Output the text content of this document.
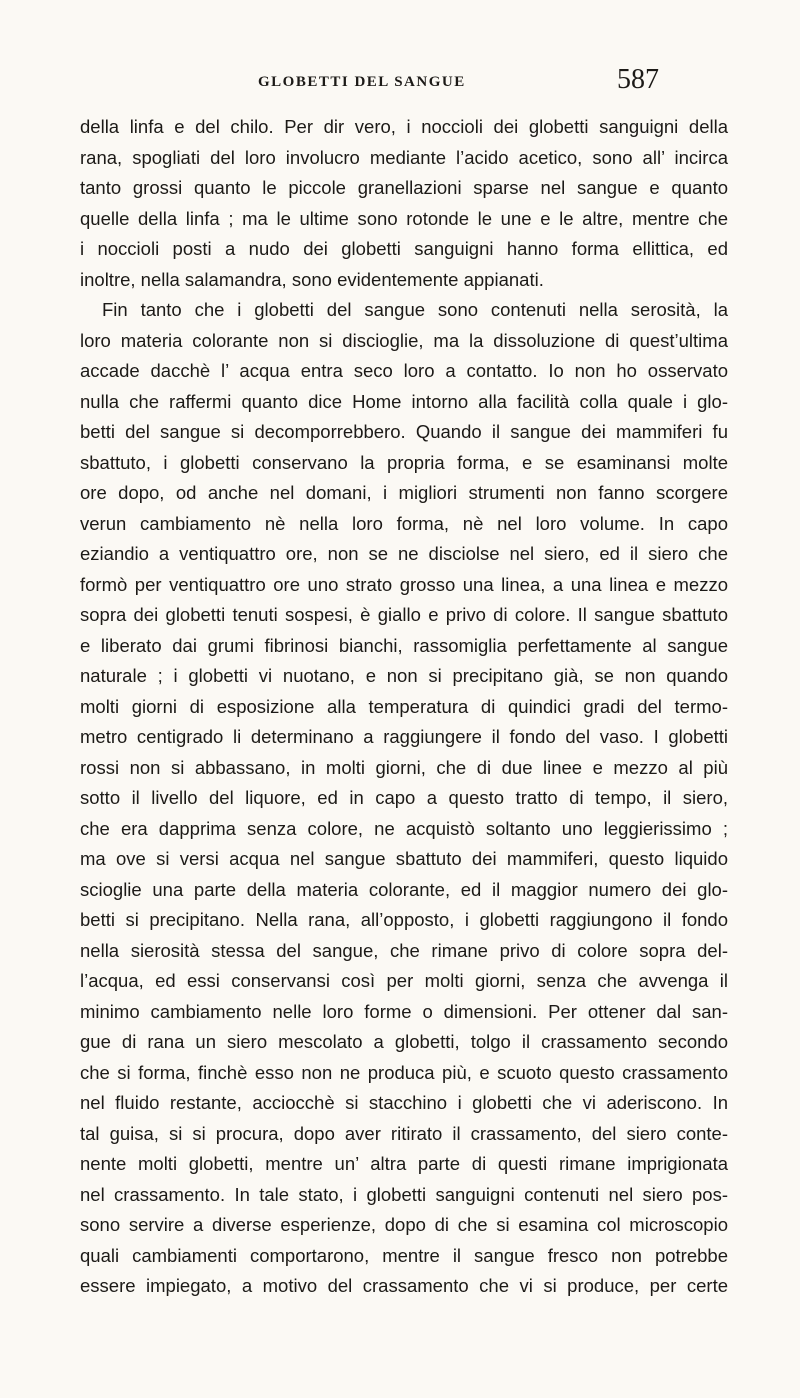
GLOBETTI DEL SANGUE	587
della linfa e del chilo. Per dir vero, i noccioli dei globetti sanguigni della
rana, spogliati del loro involucro mediante l’acido acetico, sono all’ incirca
tanto grossi quanto le piccole granellazioni sparse nel sangue e quanto
quelle della linfa ; ma le ultime sono rotonde le une e le altre, mentre che
i noccioli posti a nudo dei globetti sanguigni hanno forma ellittica, ed
inoltre, nella salamandra, sono evidentemente appianati.
Fin tanto che i globetti del sangue sono contenuti nella serosità, la
loro materia colorante non si discioglie, ma la dissoluzione di quest’ultima
accade dacchè l’ acqua entra seco loro a contatto. Io non ho osservato
nulla che raffermi quanto dice Home intorno alla facilità colla quale i glo-
betti del sangue si decomporrebbero. Quando il sangue dei mammiferi fu
sbattuto, i globetti conservano la propria forma, e se esaminansi molte
ore dopo, od anche nel domani, i migliori strumenti non fanno scorgere
verun cambiamento nè nella loro forma, nè nel loro volume. In capo
eziandio a ventiquattro ore, non se ne disciolse nel siero, ed il siero che
formò per ventiquattro ore uno strato grosso una linea, a una linea e mezzo
sopra dei globetti tenuti sospesi, è giallo e privo di colore. Il sangue sbattuto
e liberato dai grumi fibrinosi bianchi, rassomiglia perfettamente al sangue
naturale ; i globetti vi nuotano, e non si precipitano già, se non quando
molti giorni di esposizione alla temperatura di quindici gradi del termo-
metro centigrado li determinano a raggiungere il fondo del vaso. I globetti
rossi non si abbassano, in molti giorni, che di due linee e mezzo al più
sotto il livello del liquore, ed in capo a questo tratto di tempo, il siero,
che era dapprima senza colore, ne acquistò soltanto uno leggierissimo ;
ma ove si versi acqua nel sangue sbattuto dei mammiferi, questo liquido
scioglie una parte della materia colorante, ed il maggior numero dei glo-
betti si precipitano. Nella rana, all’opposto, i globetti raggiungono il fondo
nella sierosità stessa del sangue, che rimane privo di colore sopra del-
l’acqua, ed essi conservansi così per molti giorni, senza che avvenga il
minimo cambiamento nelle loro forme o dimensioni. Per ottener dal san-
gue di rana un siero mescolato a globetti, tolgo il crassamento secondo
che si forma, finchè esso non ne produca più, e scuoto questo crassamento
nel fluido restante, acciocchè si stacchino i globetti che vi aderiscono. In
tal guisa, si si procura, dopo aver ritirato il crassamento, del siero conte-
nente molti globetti, mentre un’ altra parte di questi rimane imprigionata
nel crassamento. In tale stato, i globetti sanguigni contenuti nel siero pos-
sono servire a diverse esperienze, dopo di che si esamina col microscopio
quali cambiamenti comportarono, mentre il sangue fresco non potrebbe
essere impiegato, a motivo del crassamento che vi si produce, per certe
